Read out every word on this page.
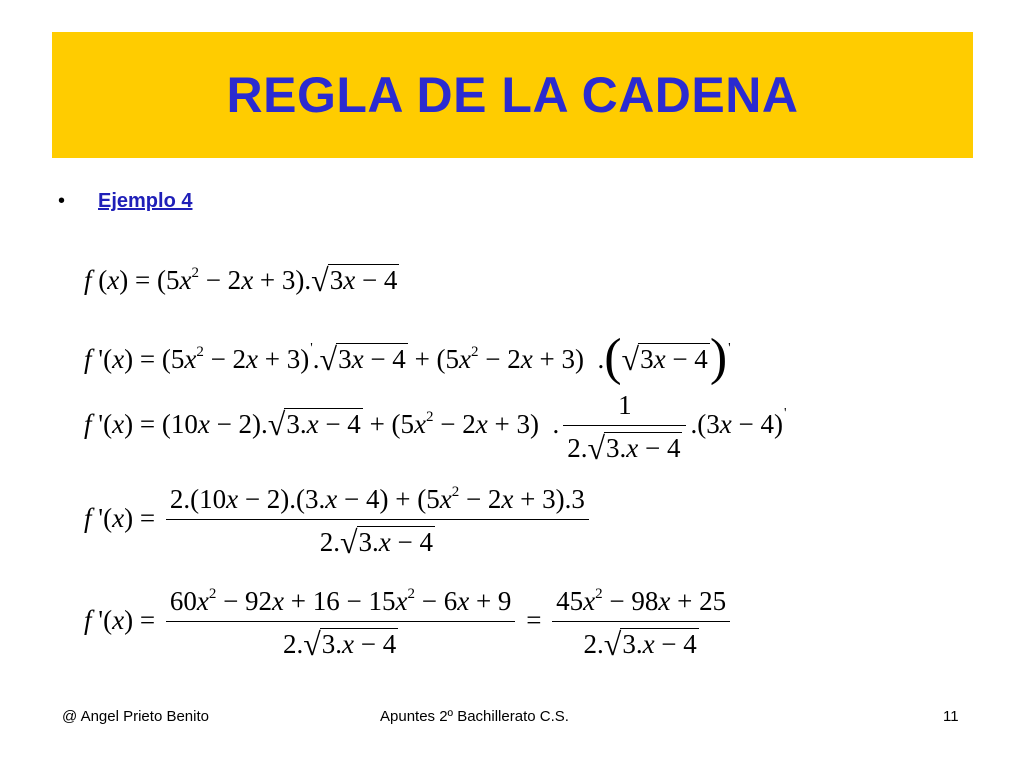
REGLA DE LA CADENA
•	Ejemplo 4
f $(x) = (5x^2 - 2x + 3).√3x - 4$
f '$(x) = (5x^2 - 2x + 3)'.√3x - 4 + (5x^2 - 2x + 3) .(√3x - 4)'$
f '$(x) = (10x - 2).√3.x - 4 + (5x^2 - 2x + 3)$  . $\frac{1}{2.√3.x - 4} .(3x - 4)'$
f '$(x) = \frac{2.(10x - 2).(3.x - 4) + (5x^2 - 2x + 3).3}{2.√3.x - 4}$
f '$(x) = \frac{60x^2 - 92x + 16 - 15x^2 - 6x + 9}{2.√3.x - 4} = \frac{45x^2 - 98x + 25}{2.√3.x - 4}$
@ Angel Prieto Benito	Apuntes 2º Bachillerato C.S.	11
